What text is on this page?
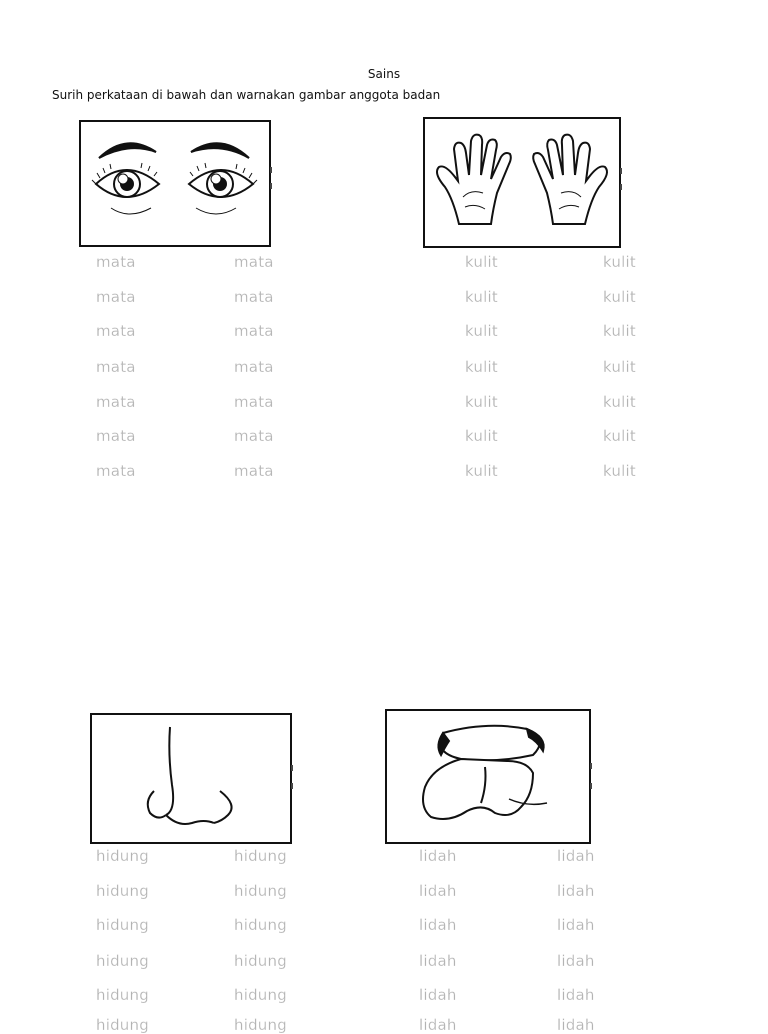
Sains
Surih perkataan di bawah dan warnakan gambar anggota badan
mata	mata
mata	mata
mata	mata
mata	mata
mata	mata
mata	mata
mata	mata
kulit	kulit
kulit	kulit
kulit	kulit
kulit	kulit
kulit	kulit
kulit	kulit
kulit	kulit
hidung	hidung
hidung	hidung
hidung	hidung
hidung	hidung
hidung	hidung
hidung	hidung
lidah	lidah
lidah	lidah
lidah	lidah
lidah	lidah
lidah	lidah
lidah	lidah
